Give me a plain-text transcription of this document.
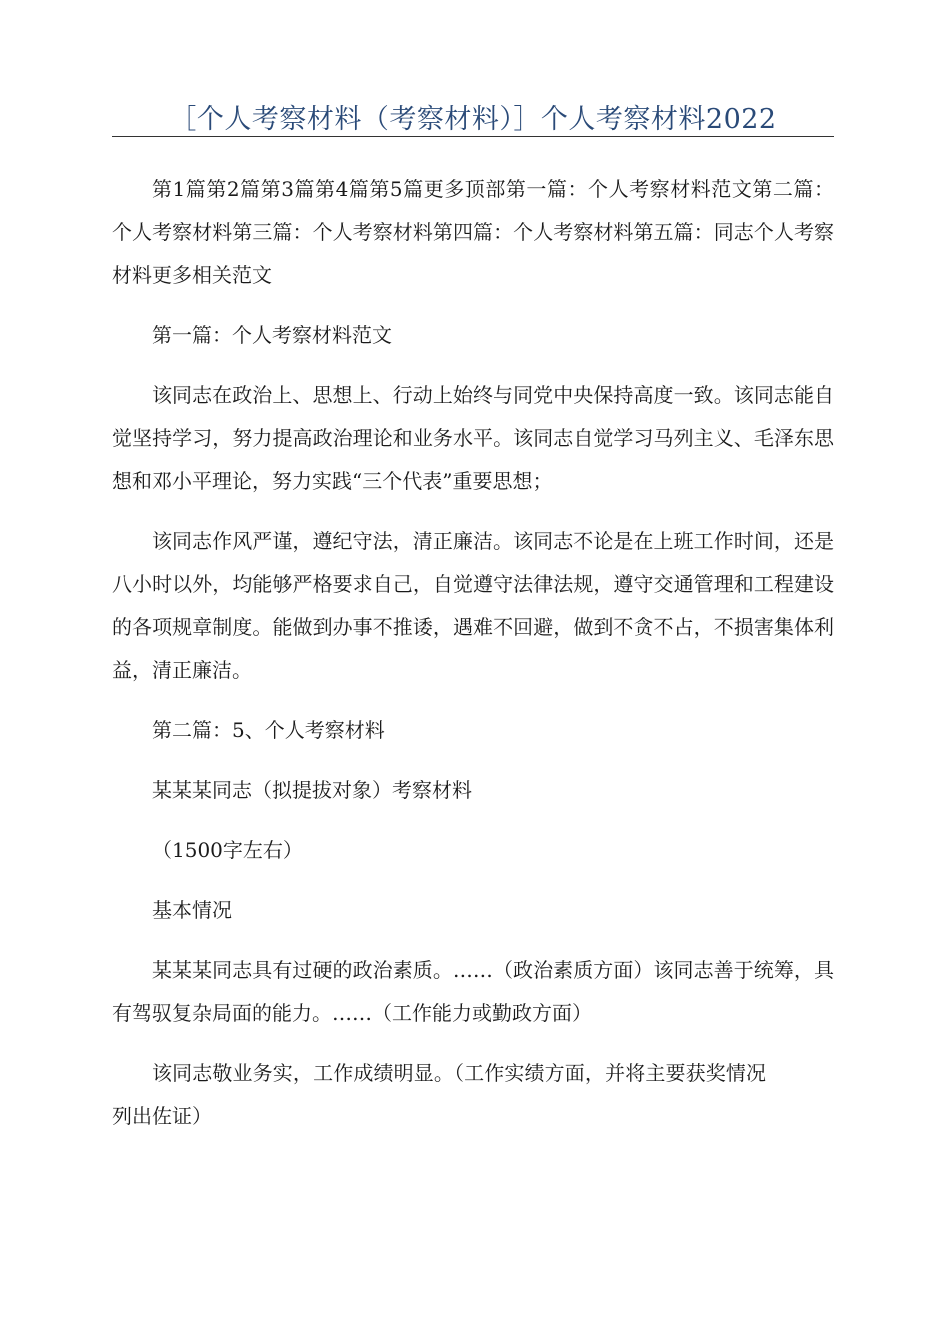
［个人考察材料（考察材料）］个人考察材料2022

第1篇第2篇第3篇第4篇第5篇更多顶部第一篇：个人考察材料范文第二篇：个人考察材料第三篇：个人考察材料第四篇：个人考察材料第五篇：同志个人考察材料更多相关范文

第一篇：个人考察材料范文

该同志在政治上、思想上、行动上始终与同党中央保持高度一致。该同志能自觉坚持学习，努力提高政治理论和业务水平。该同志自觉学习马列主义、毛泽东思想和邓小平理论，努力实践“三个代表”重要思想；

该同志作风严谨，遵纪守法，清正廉洁。该同志不论是在上班工作时间，还是八小时以外，均能够严格要求自己，自觉遵守法律法规，遵守交通管理和工程建设的各项规章制度。能做到办事不推诿，遇难不回避，做到不贪不占，不损害集体利益，清正廉洁。

第二篇：5、个人考察材料

某某某同志（拟提拔对象）考察材料

（1500字左右）

基本情况

某某某同志具有过硬的政治素质。……（政治素质方面）该同志善于统筹，具有驾驭复杂局面的能力。……（工作能力或勤政方面）

该同志敬业务实，工作成绩明显。（工作实绩方面，并将主要获奖情况列出佐证）
